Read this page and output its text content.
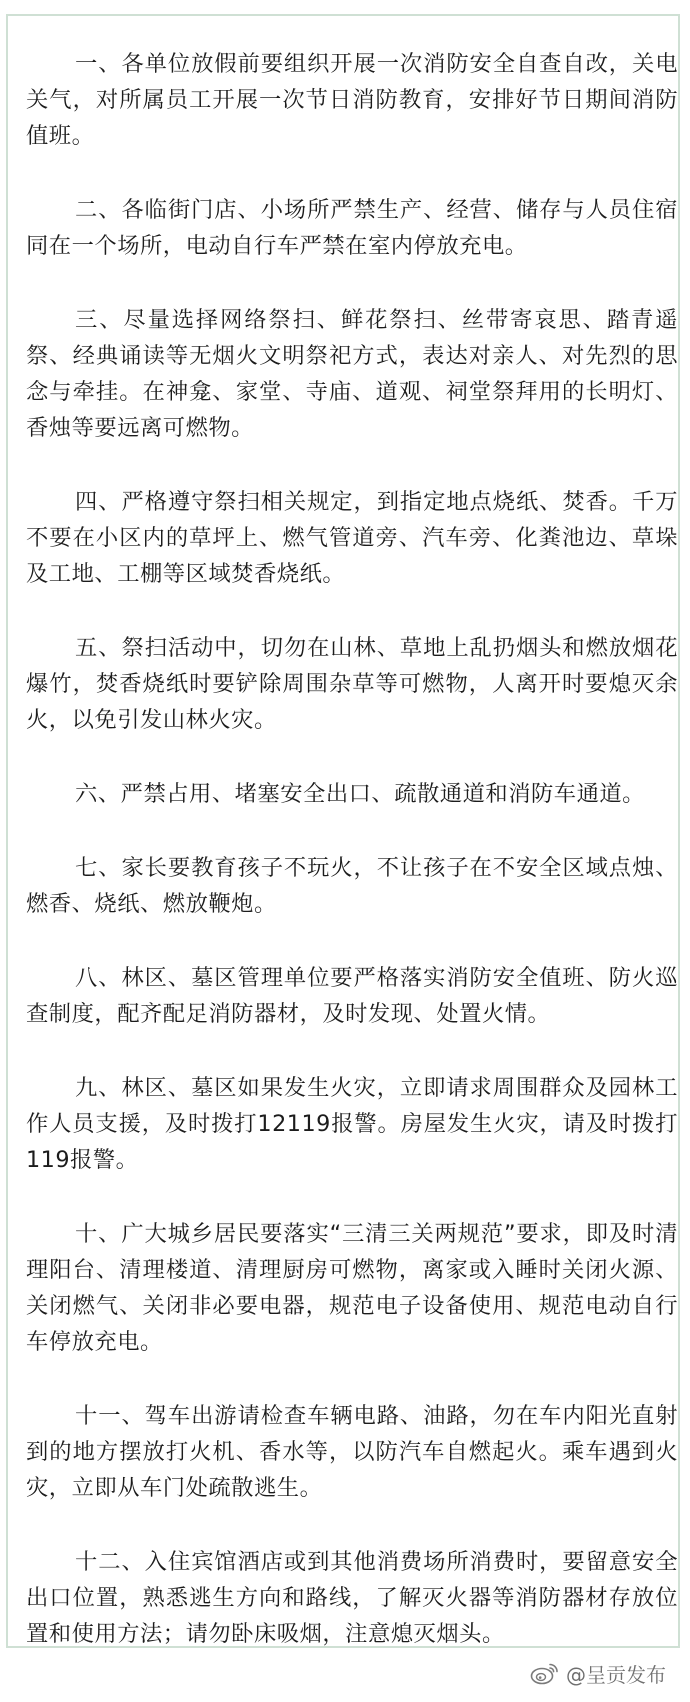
一、各单位放假前要组织开展一次消防安全自查自改，关电关气，对所属员工开展一次节日消防教育，安排好节日期间消防值班。
二、各临街门店、小场所严禁生产、经营、储存与人员住宿同在一个场所，电动自行车严禁在室内停放充电。
三、尽量选择网络祭扫、鲜花祭扫、丝带寄哀思、踏青遥祭、经典诵读等无烟火文明祭祀方式，表达对亲人、对先烈的思念与牵挂。在神龛、家堂、寺庙、道观、祠堂祭拜用的长明灯、香烛等要远离可燃物。
四、严格遵守祭扫相关规定，到指定地点烧纸、焚香。千万不要在小区内的草坪上、燃气管道旁、汽车旁、化粪池边、草垛及工地、工棚等区域焚香烧纸。
五、祭扫活动中，切勿在山林、草地上乱扔烟头和燃放烟花爆竹，焚香烧纸时要铲除周围杂草等可燃物，人离开时要熄灭余火，以免引发山林火灾。
六、严禁占用、堵塞安全出口、疏散通道和消防车通道。
七、家长要教育孩子不玩火，不让孩子在不安全区域点烛、燃香、烧纸、燃放鞭炮。
八、林区、墓区管理单位要严格落实消防安全值班、防火巡查制度，配齐配足消防器材，及时发现、处置火情。
九、林区、墓区如果发生火灾，立即请求周围群众及园林工作人员支援，及时拨打12119报警。房屋发生火灾，请及时拨打119报警。
十、广大城乡居民要落实“三清三关两规范”要求，即及时清理阳台、清理楼道、清理厨房可燃物，离家或入睡时关闭火源、关闭燃气、关闭非必要电器，规范电子设备使用、规范电动自行车停放充电。
十一、驾车出游请检查车辆电路、油路，勿在车内阳光直射到的地方摆放打火机、香水等，以防汽车自燃起火。乘车遇到火灾，立即从车门处疏散逃生。
十二、入住宾馆酒店或到其他消费场所消费时，要留意安全出口位置，熟悉逃生方向和路线，了解灭火器等消防器材存放位置和使用方法；请勿卧床吸烟，注意熄灭烟头。
@呈贡发布
